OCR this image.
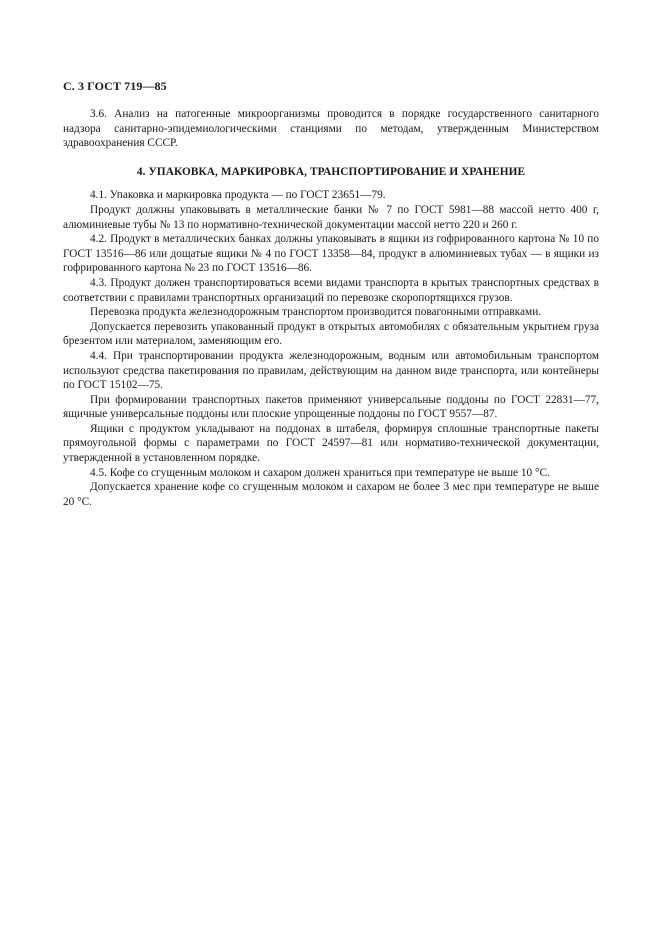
С. 3 ГОСТ 719—85

3.6. Анализ на патогенные микроорганизмы проводится в порядке государственного санитарного надзора санитарно-эпидемиологическими станциями по методам, утвержденным Министерством здравоохранения СССР.

4. УПАКОВКА, МАРКИРОВКА, ТРАНСПОРТИРОВАНИЕ И ХРАНЕНИЕ

4.1. Упаковка и маркировка продукта — по ГОСТ 23651—79.

Продукт должны упаковывать в металлические банки № 7 по ГОСТ 5981—88 массой нетто 400 г, алюминиевые тубы № 13 по нормативно-технической документации массой нетто 220 и 260 г.

4.2. Продукт в металлических банках должны упаковывать в ящики из гофрированного картона № 10 по ГОСТ 13516—86 или дощатые ящики № 4 по ГОСТ 13358—84, продукт в алюминиевых тубах — в ящики из гофрированного картона № 23 по ГОСТ 13516—86.

4.3. Продукт должен транспортироваться всеми видами транспорта в крытых транспортных средствах в соответствии с правилами транспортных организаций по перевозке скоропортящихся грузов.

Перевозка продукта железнодорожным транспортом производится повагонными отправками.

Допускается перевозить упакованный продукт в открытых автомобилях с обязательным укрытием груза брезентом или материалом, заменяющим его.

4.4. При транспортировании продукта железнодорожным, водным или автомобильным транспортом используют средства пакетирования по правилам, действующим на данном виде транспорта, или контейнеры по ГОСТ 15102—75.

При формировании транспортных пакетов применяют универсальные поддоны по ГОСТ 22831—77, ящичные универсальные поддоны или плоские упрощенные поддоны по ГОСТ 9557—87.

Ящики с продуктом укладывают на поддонах в штабеля, формируя сплошные транспортные пакеты прямоугольной формы с параметрами по ГОСТ 24597—81 или нормативо-технической документации, утвержденной в установленном порядке.

4.5. Кофе со сгущенным молоком и сахаром должен храниться при температуре не выше 10 °С.

Допускается хранение кофе со сгущенным молоком и сахаром не более 3 мес при температуре не выше 20 °С.
